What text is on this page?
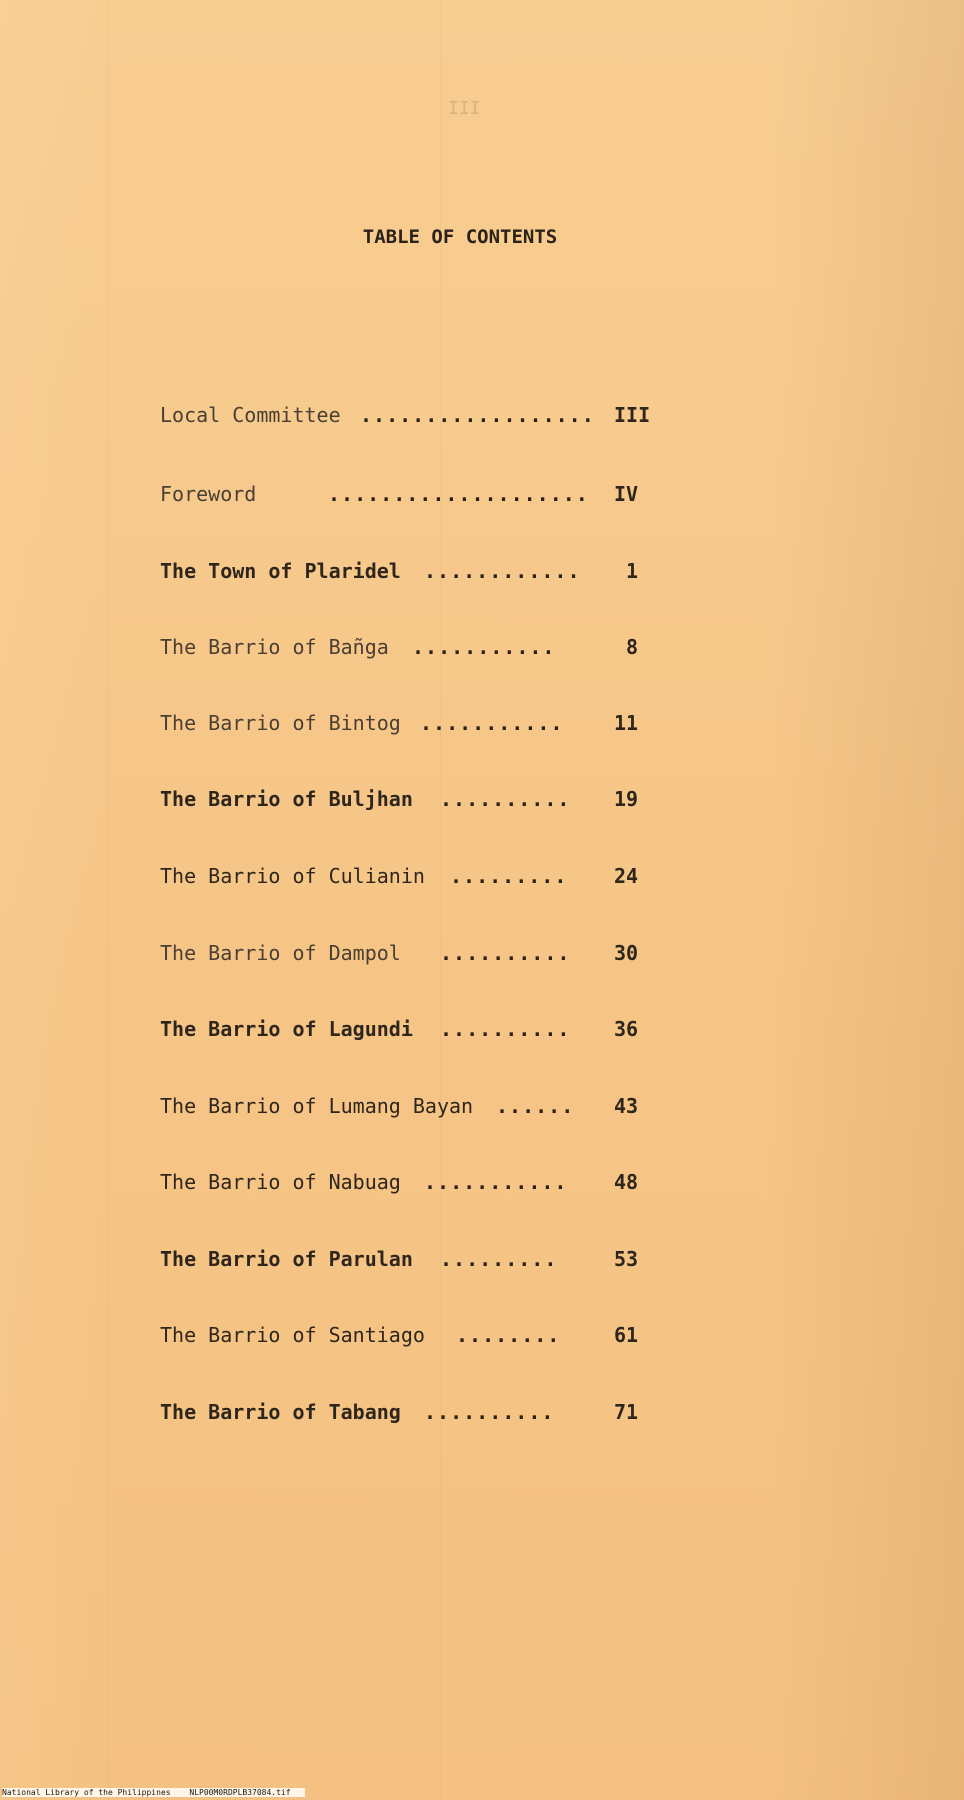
III
TABLE OF CONTENTS
Local Committee .................. III
Foreword	.................... IV
The Town of Plaridel ............ 1
The Barrio of Bañga ...........	8
The Barrio of Bintog ...........	11
The Barrio of Buljhan .......... 19
The Barrio of Culianin ......... 24
The Barrio of Dampol .......... 30
The Barrio of Lagundi .......... 36
The Barrio of Lumang Bayan ...... 43
The Barrio of Nabuag ........... 48
The Barrio of Parulan .........	53
The Barrio of Santiago ........	61
The Barrio of Tabang ..........	71
National Library of the Philippines NLP00M0RDPLB37084.tif
